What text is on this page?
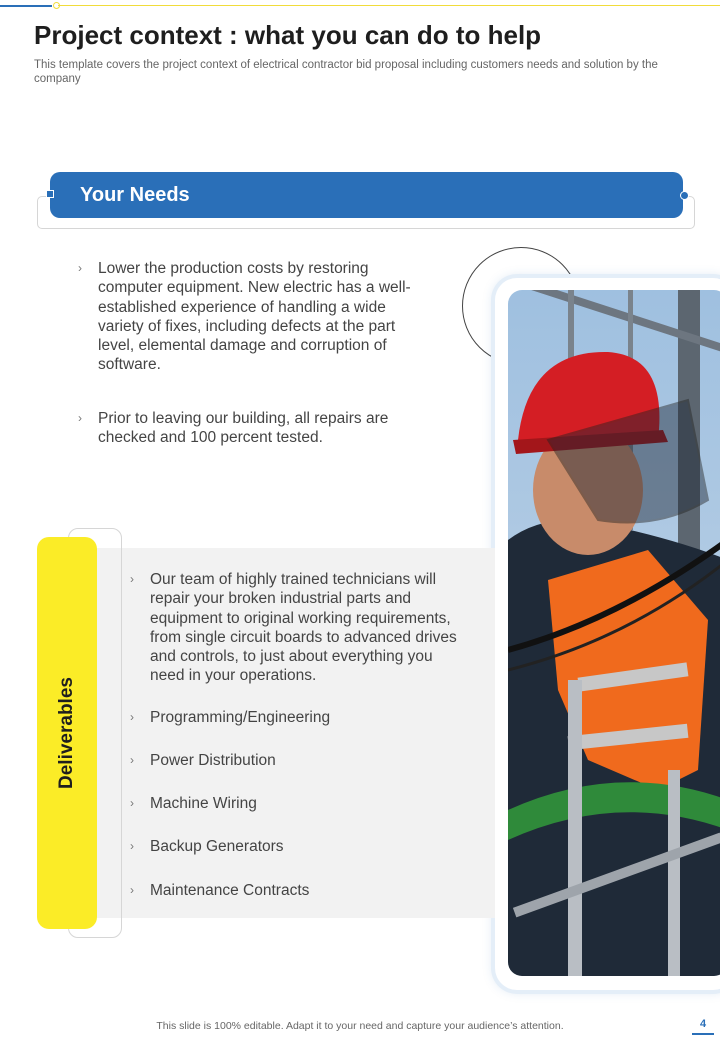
Project context : what you can do to help

This template covers the project context of electrical contractor bid proposal including customers needs and solution by the company

Your Needs
› Lower the production costs by restoring computer equipment. New electric has a well-established experience of handling a wide variety of fixes, including defects at the part level, elemental damage and corruption of software.
› Prior to leaving our building, all repairs are checked and 100 percent tested.
Deliverables
› Our team of highly trained technicians will repair your broken industrial parts and equipment to original working requirements, from single circuit boards to advanced drives and controls, to just about everything you need in your operations.
› Programming/Engineering
› Power Distribution
› Machine Wiring
› Backup Generators
› Maintenance Contracts
This slide is 100% editable. Adapt it to your need and capture your audience’s attention.	4
